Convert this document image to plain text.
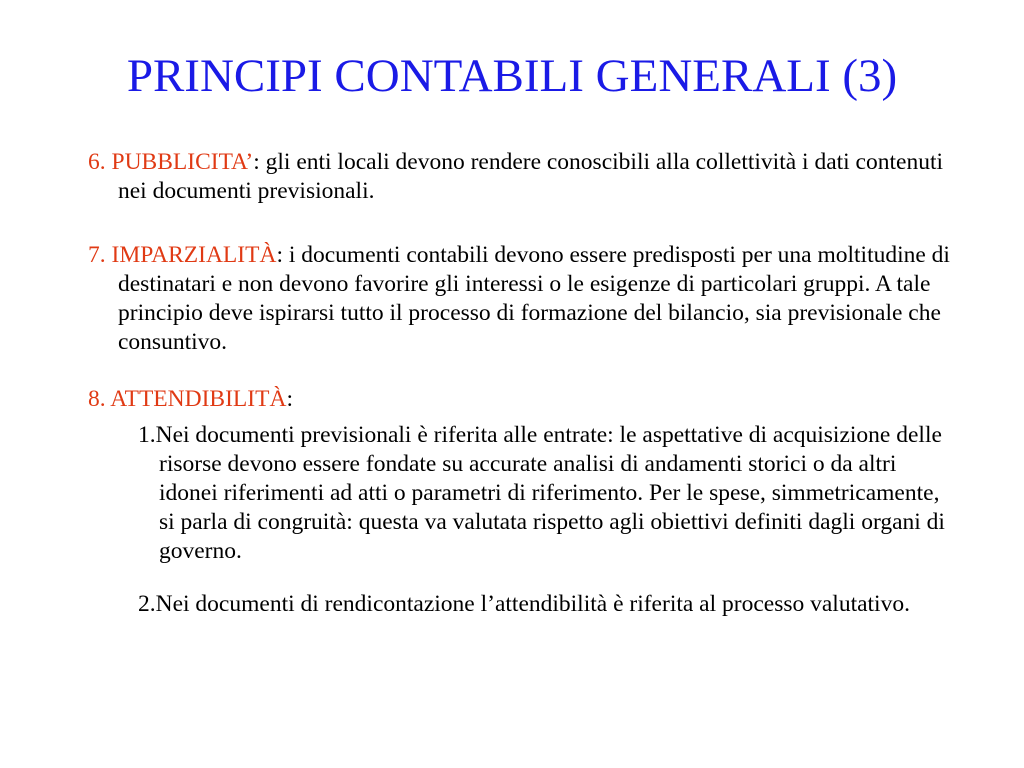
PRINCIPI CONTABILI GENERALI (3)
6. PUBBLICITA’: gli enti locali devono rendere conoscibili alla collettività i dati contenuti nei documenti previsionali.
7. IMPARZIALITÀ: i documenti contabili devono essere predisposti per una moltitudine di destinatari e non devono favorire gli interessi o le esigenze di particolari gruppi. A tale principio deve ispirarsi tutto il processo di formazione del bilancio, sia previsionale che consuntivo.
8. ATTENDIBILITÀ:
1.Nei documenti previsionali è riferita alle entrate: le aspettative di acquisizione delle risorse devono essere fondate su accurate analisi di andamenti storici o da altri idonei riferimenti ad atti o parametri di riferimento. Per le spese, simmetricamente, si parla di congruità: questa va valutata rispetto agli obiettivi definiti dagli organi di governo.
2.Nei documenti di rendicontazione l’attendibilità è riferita al processo valutativo.
